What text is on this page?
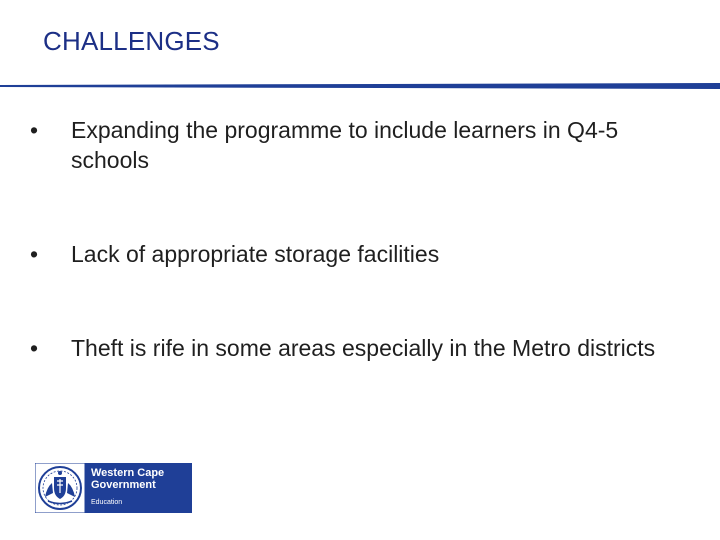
CHALLENGES
•	Expanding the programme to include learners in Q4-5 schools
•	Lack of appropriate storage facilities
•	Theft is rife in some areas especially in the Metro districts
Western Cape
Government
Education
